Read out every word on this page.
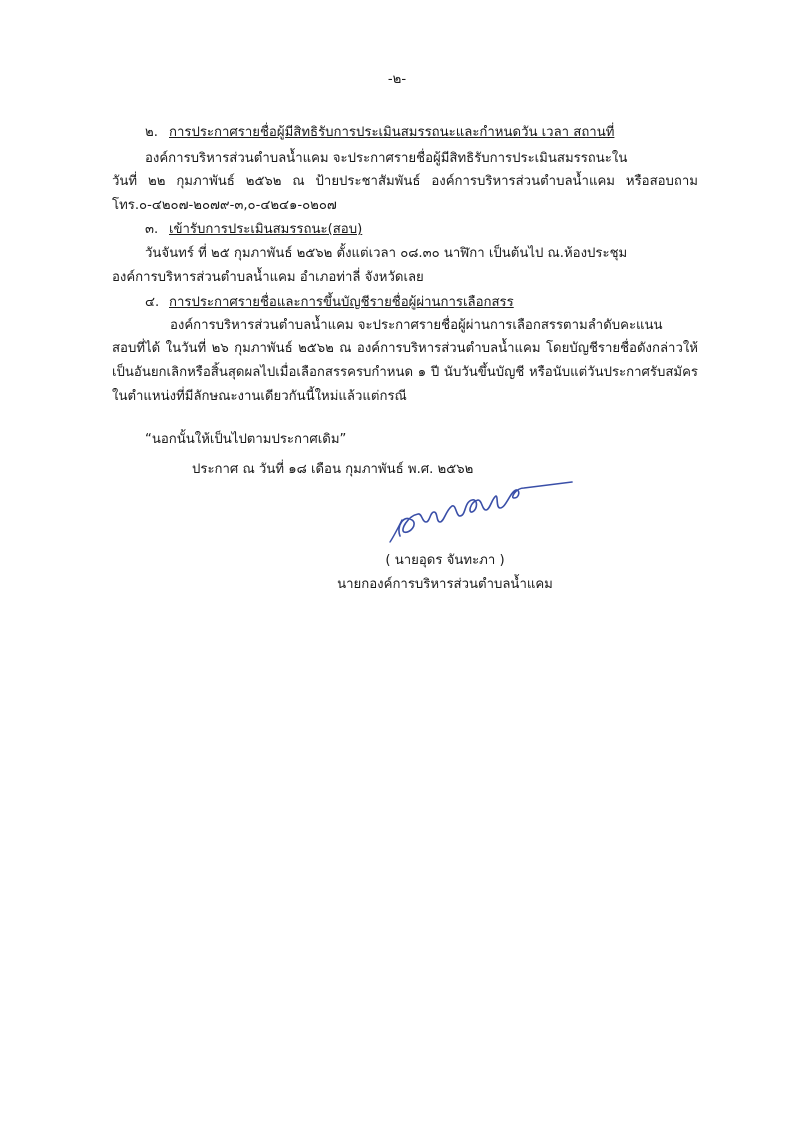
-๒-
๒. การประกาศรายชื่อผู้มีสิทธิรับการประเมินสมรรถนะและกำหนดวัน เวลา สถานที่
องค์การบริหารส่วนตำบลน้ำแคม จะประกาศรายชื่อผู้มีสิทธิรับการประเมินสมรรถนะใน
วันที่ ๒๒ กุมภาพันธ์ ๒๕๖๒ ณ ป้ายประชาสัมพันธ์ องค์การบริหารส่วนตำบลน้ำแคม หรือสอบถาม
โทร.๐-๔๒๐๗-๒๐๗๙-๓,๐-๔๒๔๑-๐๒๐๗
๓. เข้ารับการประเมินสมรรถนะ(สอบ)
วันจันทร์ ที่ ๒๕ กุมภาพันธ์ ๒๕๖๒ ตั้งแต่เวลา ๐๘.๓๐ นาฬิกา เป็นต้นไป ณ.ห้องประชุม
องค์การบริหารส่วนตำบลน้ำแคม อำเภอท่าลี่ จังหวัดเลย
๔. การประกาศรายชื่อและการขึ้นบัญชีรายชื่อผู้ผ่านการเลือกสรร
องค์การบริหารส่วนตำบลน้ำแคม จะประกาศรายชื่อผู้ผ่านการเลือกสรรตามลำดับคะแนน
สอบที่ได้ ในวันที่ ๒๖ กุมภาพันธ์ ๒๕๖๒ ณ องค์การบริหารส่วนตำบลน้ำแคม โดยบัญชีรายชื่อดังกล่าวให้
เป็นอันยกเลิกหรือสิ้นสุดผลไปเมื่อเลือกสรรครบกำหนด ๑ ปี นับวันขึ้นบัญชี หรือนับแต่วันประกาศรับสมัคร
ในตำแหน่งที่มีลักษณะงานเดียวกันนี้ใหม่แล้วแต่กรณี
“นอกนั้นให้เป็นไปตามประกาศเดิม”
ประกาศ ณ วันที่ ๑๘ เดือน กุมภาพันธ์ พ.ศ. ๒๕๖๒
( นายอุดร จันทะภา )
นายกองค์การบริหารส่วนตำบลน้ำแคม
